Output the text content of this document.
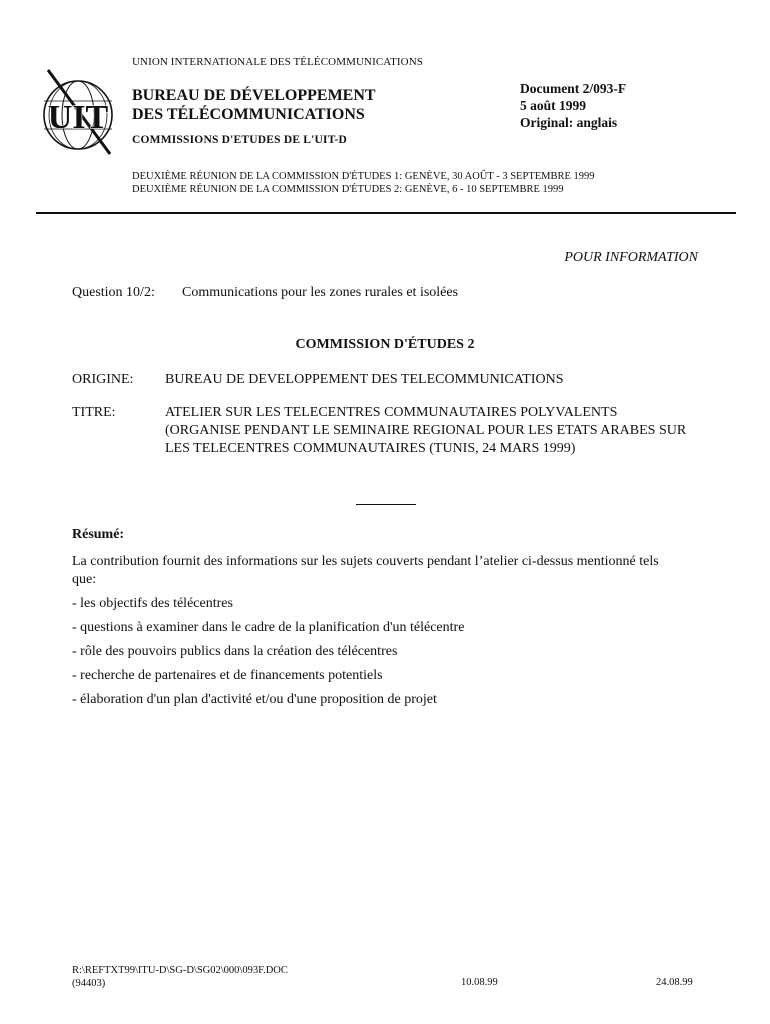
UNION INTERNATIONALE DES TÉLÉCOMMUNICATIONS
UIT
BUREAU DE DÉVELOPPEMENT
DES TÉLÉCOMMUNICATIONS
COMMISSIONS D'ETUDES DE L'UIT-D
Document 2/093-F
5 août 1999
Original: anglais
DEUXIÈME RÉUNION DE LA COMMISSION D'ÉTUDES 1: GENÈVE, 30 AOÛT - 3 SEPTEMBRE 1999
DEUXIÈME RÉUNION DE LA COMMISSION D'ÉTUDES 2: GENÈVE, 6 - 10 SEPTEMBRE 1999
POUR INFORMATION
Question 10/2: Communications pour les zones rurales et isolées
COMMISSION D'ÉTUDES 2
ORIGINE:	BUREAU DE DEVELOPPEMENT DES TELECOMMUNICATIONS
TITRE:	ATELIER SUR LES TELECENTRES COMMUNAUTAIRES POLYVALENTS (ORGANISE PENDANT LE SEMINAIRE REGIONAL POUR LES ETATS ARABES SUR LES TELECENTRES COMMUNAUTAIRES (TUNIS, 24 MARS 1999)
Résumé:

La contribution fournit des informations sur les sujets couverts pendant l’atelier ci-dessus mentionné tels que:

- les objectifs des télécentres
- questions à examiner dans le cadre de la planification d'un télécentre
- rôle des pouvoirs publics dans la création des télécentres
- recherche de partenaires et de financements potentiels
- élaboration d'un plan d'activité et/ou d'une proposition de projet
R:\REFTXT99\ITU-D\SG-D\SG02\000\093F.DOC
(94403)	10.08.99	24.08.99
